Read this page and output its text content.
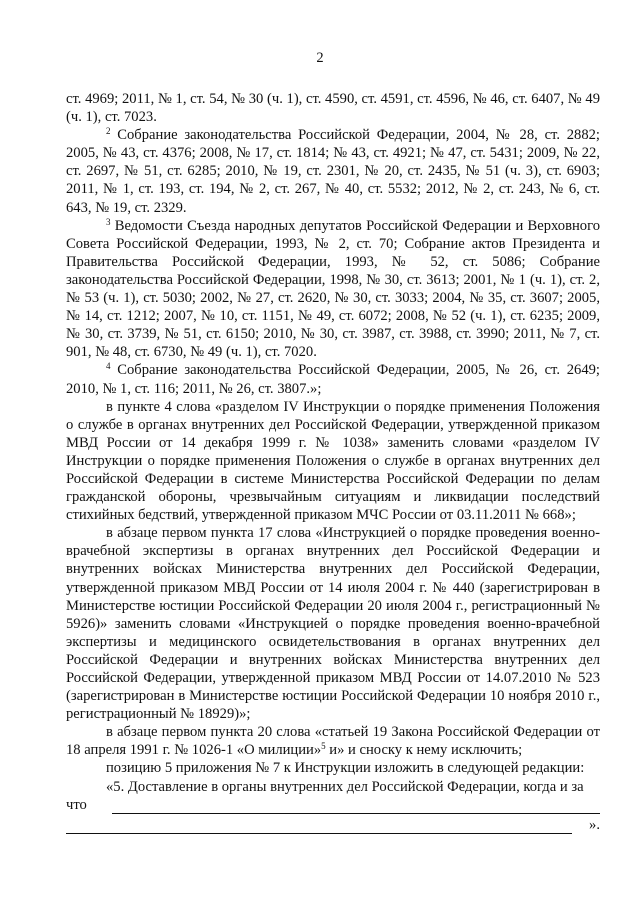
2

ст. 4969; 2011, № 1, ст. 54, № 30 (ч. 1), ст. 4590, ст. 4591, ст. 4596, № 46, ст. 6407, № 49 (ч. 1), ст. 7023.

$^2$ Собрание законодательства Российской Федерации, 2004, № 28, ст. 2882; 2005, № 43, ст. 4376; 2008, № 17, ст. 1814; № 43, ст. 4921; № 47, ст. 5431; 2009, № 22, ст. 2697, № 51, ст. 6285; 2010, № 19, ст. 2301, № 20, ст. 2435, № 51 (ч. 3), ст. 6903; 2011, № 1, ст. 193, ст. 194, № 2, ст. 267, № 40, ст. 5532; 2012, № 2, ст. 243, № 6, ст. 643, № 19, ст. 2329.

$^3$ Ведомости Съезда народных депутатов Российской Федерации и Верховного Совета Российской Федерации, 1993, № 2, ст. 70; Собрание актов Президента и Правительства Российской Федерации, 1993, № 52, ст. 5086; Собрание законодательства Российской Федерации, 1998, № 30, ст. 3613; 2001, № 1 (ч. 1), ст. 2, № 53 (ч. 1), ст. 5030; 2002, № 27, ст. 2620, № 30, ст. 3033; 2004, № 35, ст. 3607; 2005, № 14, ст. 1212; 2007, № 10, ст. 1151, № 49, ст. 6072; 2008, № 52 (ч. 1), ст. 6235; 2009, № 30, ст. 3739, № 51, ст. 6150; 2010, № 30, ст. 3987, ст. 3988, ст. 3990; 2011, № 7, ст. 901, № 48, ст. 6730, № 49 (ч. 1), ст. 7020.

$^4$ Собрание законодательства Российской Федерации, 2005, № 26, ст. 2649; 2010, № 1, ст. 116; 2011, № 26, ст. 3807.»;

в пункте 4 слова «разделом IV Инструкции о порядке применения Положения о службе в органах внутренних дел Российской Федерации, утвержденной приказом МВД России от 14 декабря 1999 г. № 1038» заменить словами «разделом IV Инструкции о порядке применения Положения о службе в органах внутренних дел Российской Федерации в системе Министерства Российской Федерации по делам гражданской обороны, чрезвычайным ситуациям и ликвидации последствий стихийных бедствий, утвержденной приказом МЧС России от 03.11.2011 № 668»;

в абзаце первом пункта 17 слова «Инструкцией о порядке проведения военно-врачебной экспертизы в органах внутренних дел Российской Федерации и внутренних войсках Министерства внутренних дел Российской Федерации, утвержденной приказом МВД России от 14 июля 2004 г. № 440 (зарегистрирован в Министерстве юстиции Российской Федерации 20 июля 2004 г., регистрационный № 5926)» заменить словами «Инструкцией о порядке проведения военно-врачебной экспертизы и медицинского освидетельствования в органах внутренних дел Российской Федерации и внутренних войсках Министерства внутренних дел Российской Федерации, утвержденной приказом МВД России от 14.07.2010 № 523 (зарегистрирован в Министерстве юстиции Российской Федерации 10 ноября 2010 г., регистрационный № 18929)»;

в абзаце первом пункта 20 слова «статьей 19 Закона Российской Федерации от 18 апреля 1991 г. № 1026-1 «О милиции»$^5$ и» и сноску к нему исключить;

позицию 5 приложения № 7 к Инструкции изложить в следующей редакции:

«5. Доставление в органы внутренних дел Российской Федерации, когда и за

что
».
